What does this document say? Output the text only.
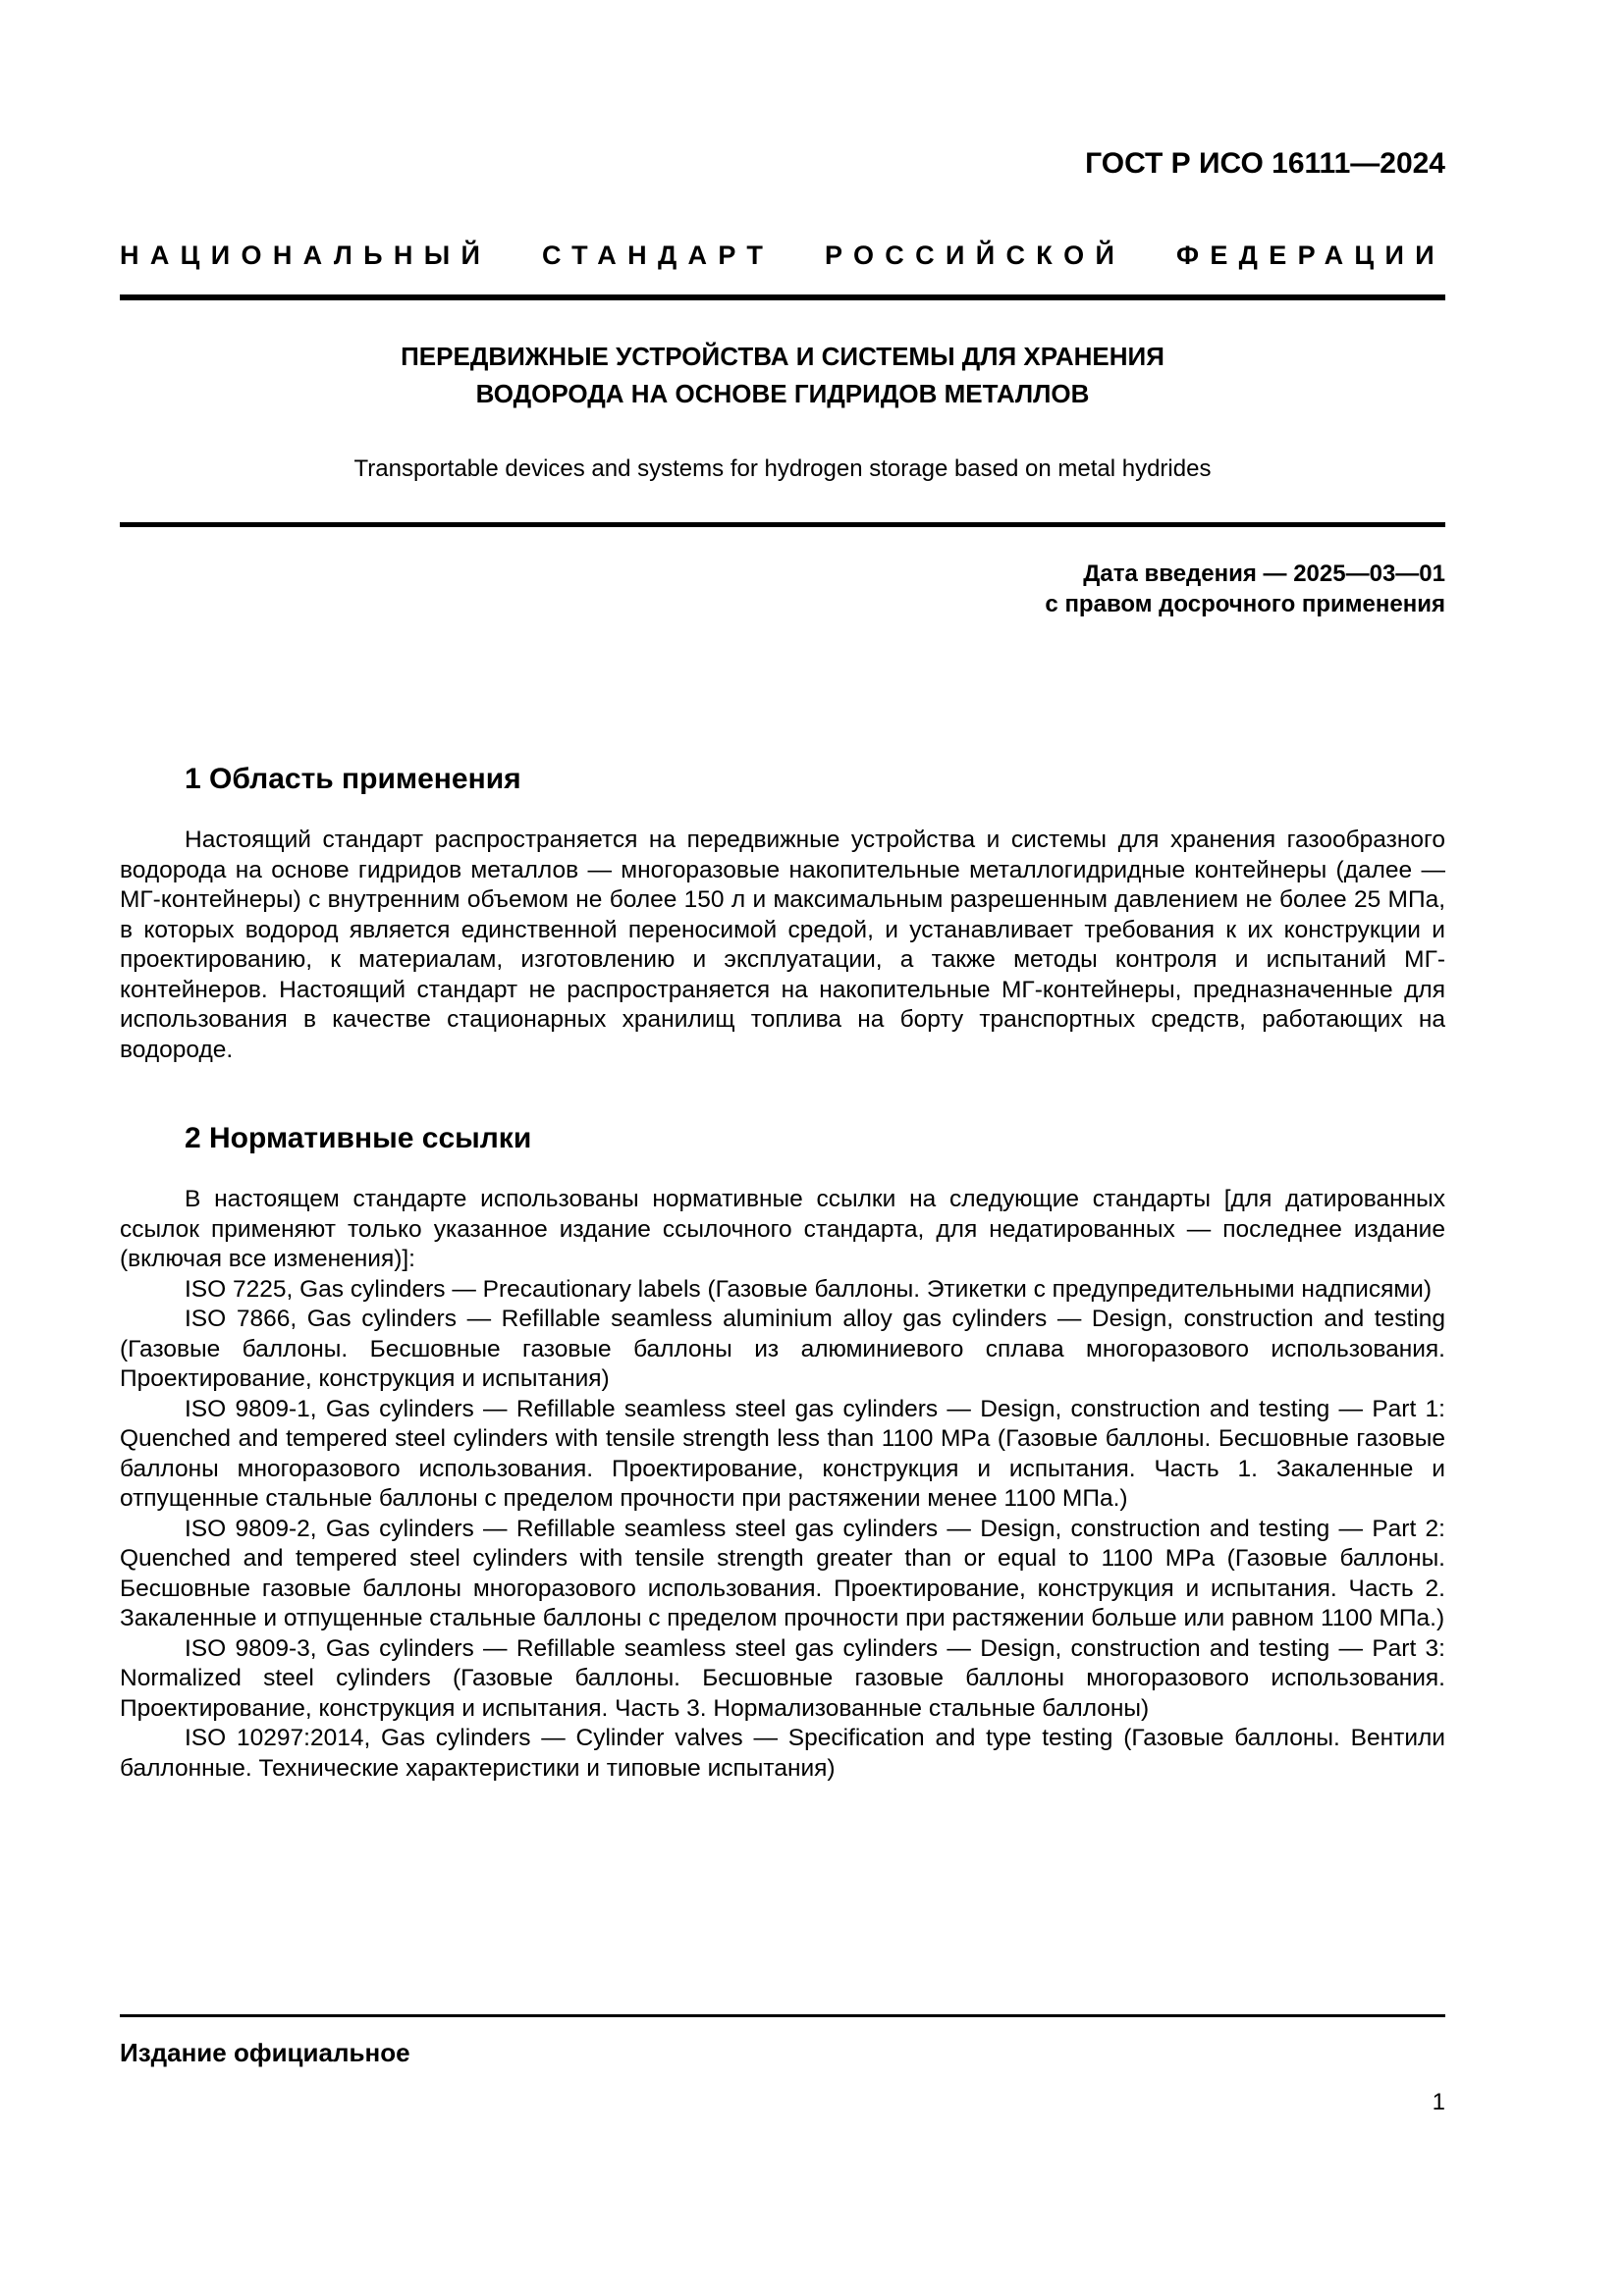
ГОСТ Р ИСО 16111—2024
НАЦИОНАЛЬНЫЙ СТАНДАРТ РОССИЙСКОЙ ФЕДЕРАЦИИ
ПЕРЕДВИЖНЫЕ УСТРОЙСТВА И СИСТЕМЫ ДЛЯ ХРАНЕНИЯ
ВОДОРОДА НА ОСНОВЕ ГИДРИДОВ МЕТАЛЛОВ
Transportable devices and systems for hydrogen storage based on metal hydrides
Дата введения — 2025—03—01
с правом досрочного применения
1 Область применения

Настоящий стандарт распространяется на передвижные устройства и системы для хранения газообразного водорода на основе гидридов металлов — многоразовые накопительные металлогидридные контейнеры (далее — МГ-контейнеры) с внутренним объемом не более 150 л и максимальным разрешенным давлением не более 25 МПа, в которых водород является единственной переносимой средой, и устанавливает требования к их конструкции и проектированию, к материалам, изготовлению и эксплуатации, а также методы контроля и испытаний МГ-контейнеров. Настоящий стандарт не распространяется на накопительные МГ-контейнеры, предназначенные для использования в качестве стационарных хранилищ топлива на борту транспортных средств, работающих на водороде.

2 Нормативные ссылки

В настоящем стандарте использованы нормативные ссылки на следующие стандарты [для датированных ссылок применяют только указанное издание ссылочного стандарта, для недатированных — последнее издание (включая все изменения)]:

ISO 7225, Gas cylinders — Precautionary labels (Газовые баллоны. Этикетки с предупредительными надписями)

ISO 7866, Gas cylinders — Refillable seamless aluminium alloy gas cylinders — Design, construction and testing (Газовые баллоны. Бесшовные газовые баллоны из алюминиевого сплава многоразового использования. Проектирование, конструкция и испытания)

ISO 9809-1, Gas cylinders — Refillable seamless steel gas cylinders — Design, construction and testing — Part 1: Quenched and tempered steel cylinders with tensile strength less than 1100 MPa (Газовые баллоны. Бесшовные газовые баллоны многоразового использования. Проектирование, конструкция и испытания. Часть 1. Закаленные и отпущенные стальные баллоны с пределом прочности при растяжении менее 1100 МПа.)

ISO 9809-2, Gas cylinders — Refillable seamless steel gas cylinders — Design, construction and testing — Part 2: Quenched and tempered steel cylinders with tensile strength greater than or equal to 1100 MPa (Газовые баллоны. Бесшовные газовые баллоны многоразового использования. Проектирование, конструкция и испытания. Часть 2. Закаленные и отпущенные стальные баллоны с пределом прочности при растяжении больше или равном 1100 МПа.)

ISO 9809-3, Gas cylinders — Refillable seamless steel gas cylinders — Design, construction and testing — Part 3: Normalized steel cylinders (Газовые баллоны. Бесшовные газовые баллоны многоразового использования. Проектирование, конструкция и испытания. Часть 3. Нормализованные стальные баллоны)

ISO 10297:2014, Gas cylinders — Cylinder valves — Specification and type testing (Газовые баллоны. Вентили баллонные. Технические характеристики и типовые испытания)

Издание официальное
1
